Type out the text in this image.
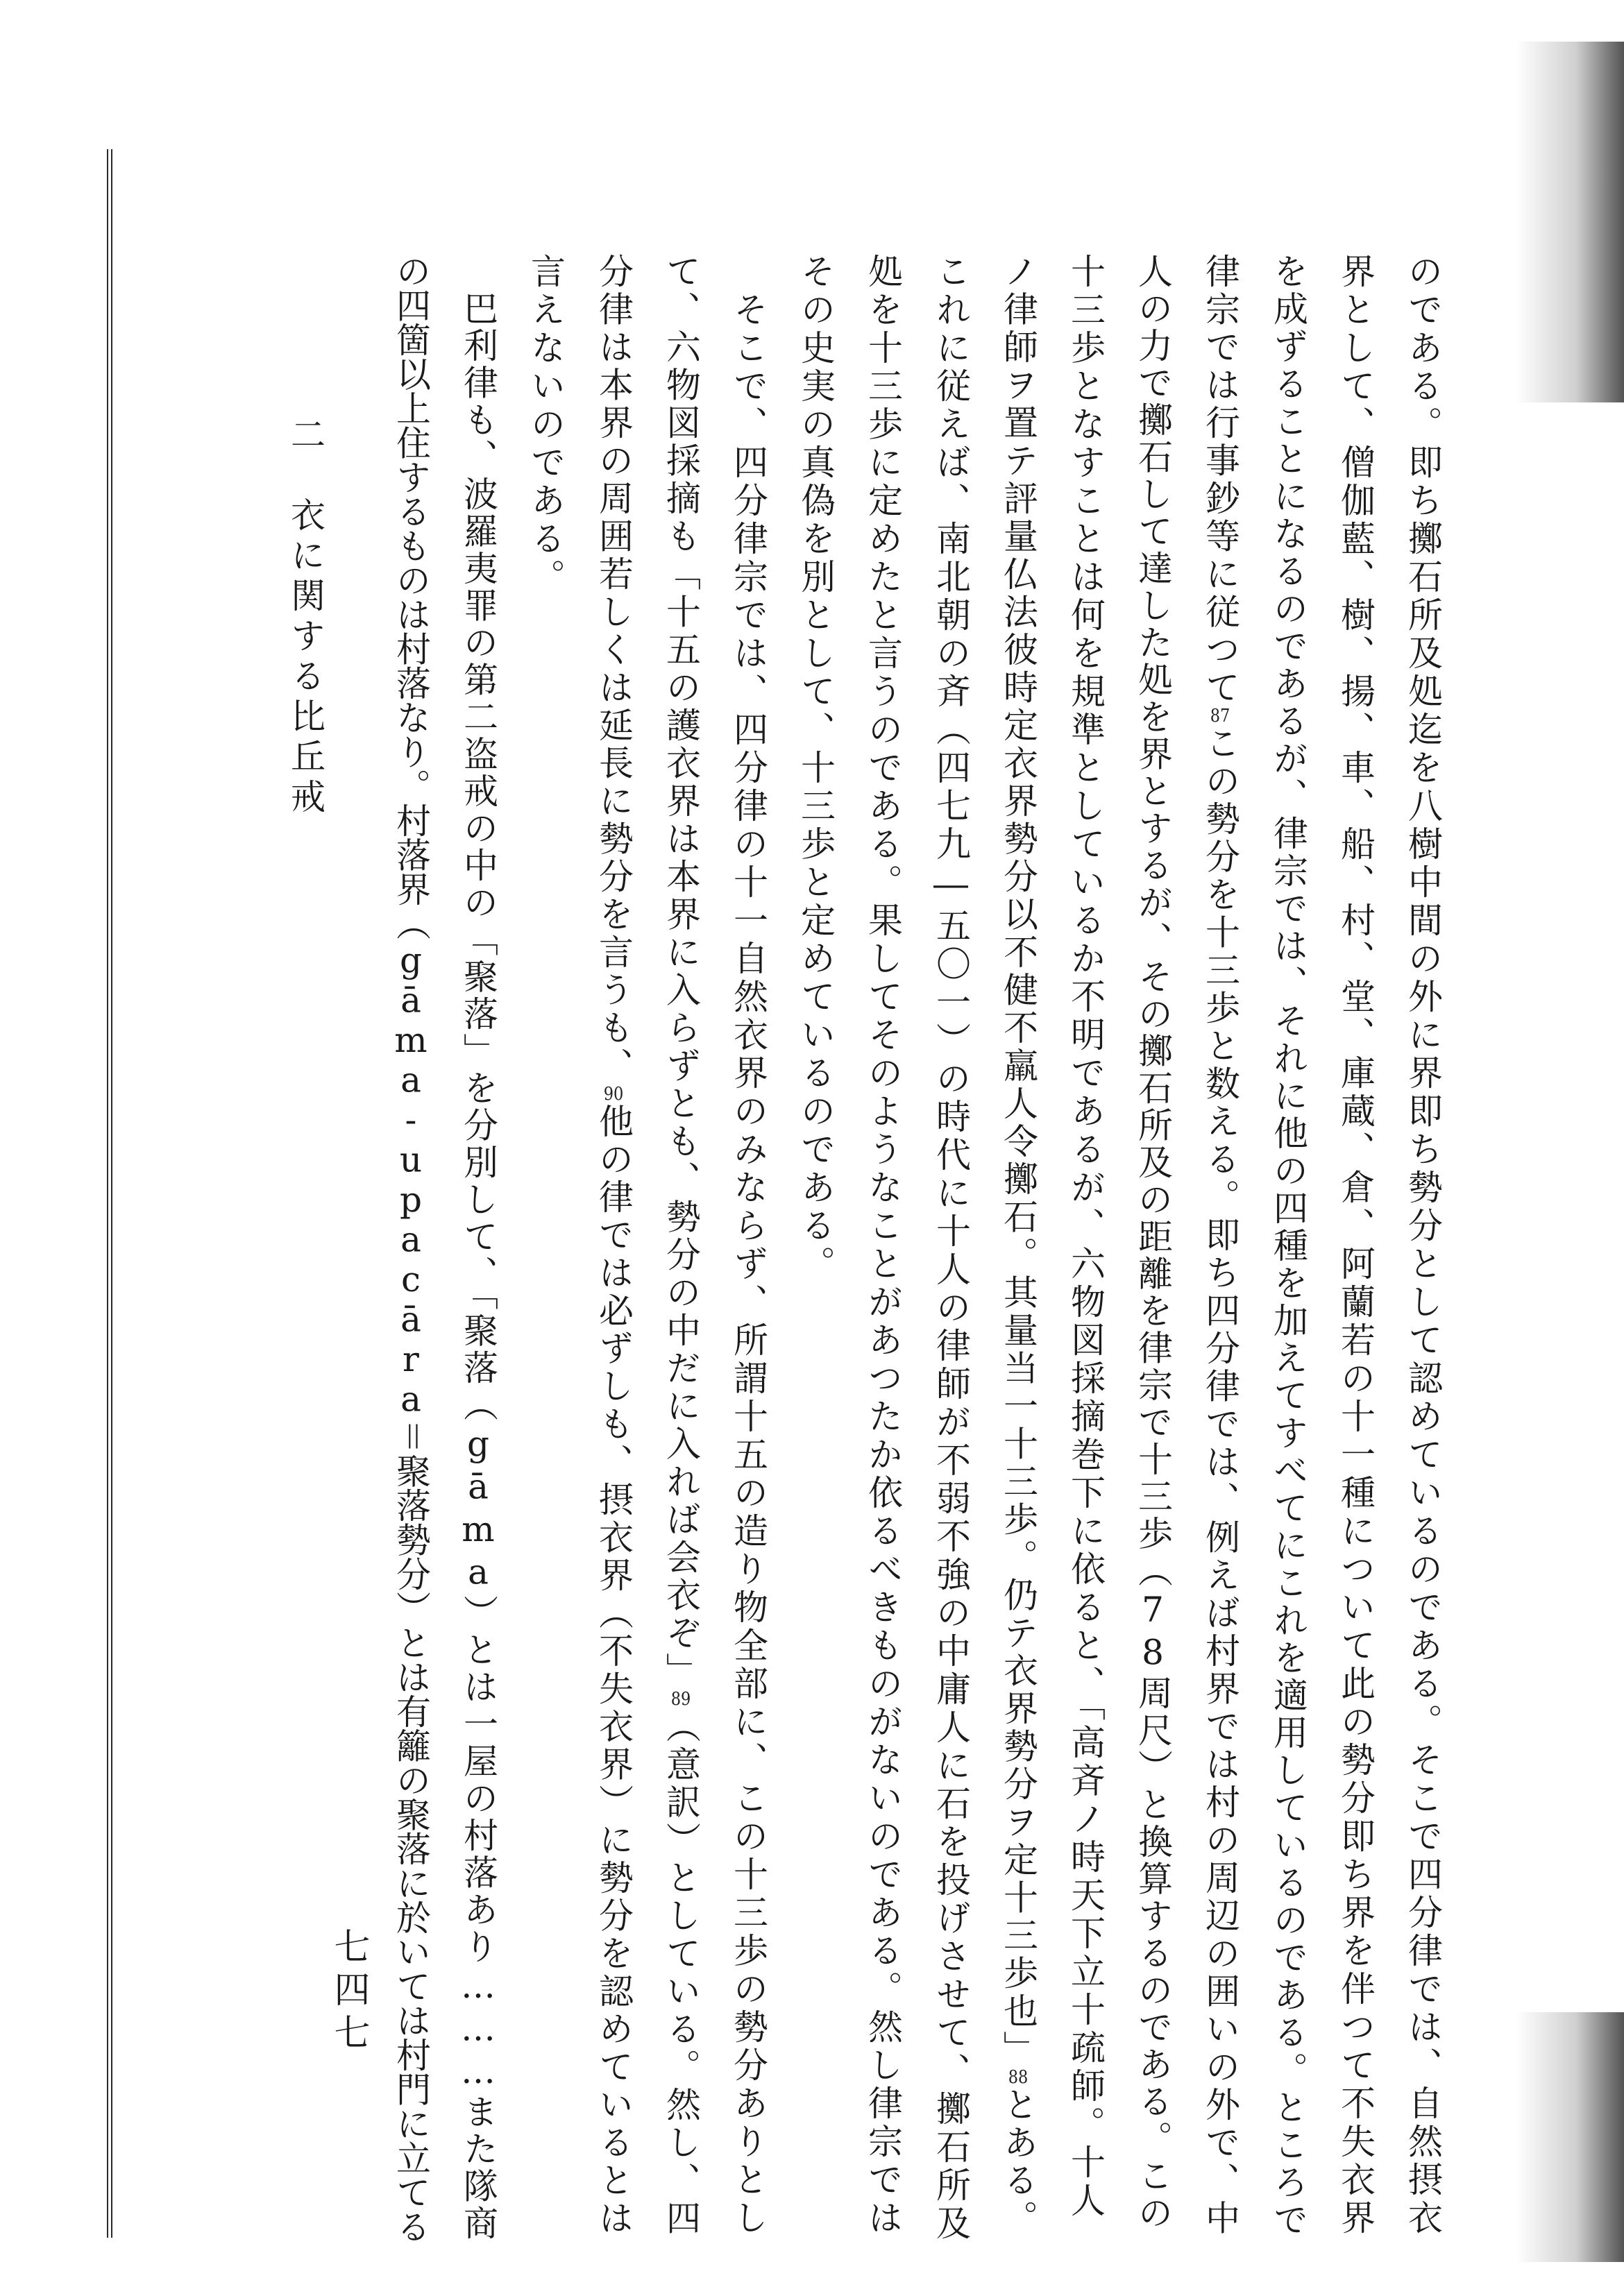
のである。即ち擲石所及処迄を八樹中間の外に界即ち勢分として認めているのである。そこで四分律では、自然摂衣
界として、僧伽藍、樹、揚、車、船、村、堂、庫蔵、倉、阿蘭若の十一種について此の勢分即ち界を伴つて不失衣界
を成ずることになるのであるが、律宗では、それに他の四種を加えてすべてにこれを適用しているのである。ところで
律宗では行事鈔等に従つて87この勢分を十三歩と数える。即ち四分律では、例えば村界では村の周辺の囲いの外で、中
人の力で擲石して達した処を界とするが、その擲石所及の距離を律宗で十三歩（78周尺）と換算するのである。この
十三歩となすことは何を規準としているか不明であるが、六物図採摘巻下に依ると、「高斉ノ時天下立十疏師。十人
ノ律師ヲ置テ評量仏法彼時定衣界勢分以不健不羸人令擲石。其量当一十三歩。仍テ衣界勢分ヲ定十三歩也」88とある。
これに従えば、南北朝の斉（四七九―五〇一）の時代に十人の律師が不弱不強の中庸人に石を投げさせて、擲石所及
処を十三歩に定めたと言うのである。果してそのようなことがあつたか依るべきものがないのである。然し律宗では
その史実の真偽を別として、十三歩と定めているのである。
　そこで、四分律宗では、四分律の十一自然衣界のみならず、所謂十五の造り物全部に、この十三歩の勢分ありとし
て、六物図採摘も「十五の護衣界は本界に入らずとも、勢分の中だに入れば会衣ぞ」89（意訳）としている。然し、四
分律は本界の周囲若しくは延長に勢分を言うも、90他の律では必ずしも、摂衣界（不失衣界）に勢分を認めているとは
言えないのである。
　巴利律も、波羅夷罪の第二盗戒の中の「聚落」を分別して、「聚落（gāma）とは一屋の村落あり………また隊商
の四箇以上住するものは村落なり。村落界（gāma-upacāra＝聚落勢分）とは有籬の聚落に於いては村門に立てる
二　衣に関する比丘戒
七四七
